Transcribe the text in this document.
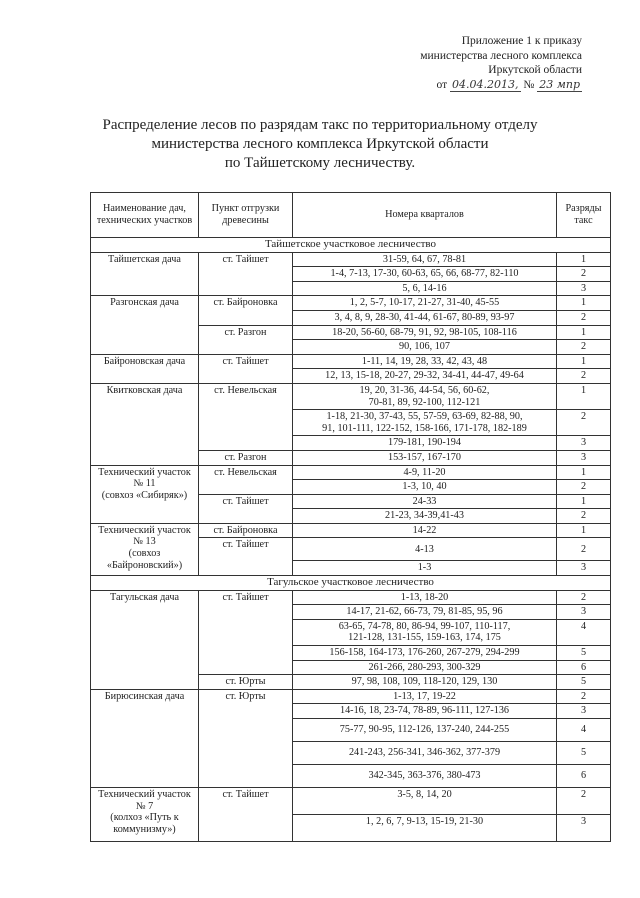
Приложение 1 к приказу
министерства лесного комплекса
Иркутской области
от 04.04.2013, № 23 мпр
Распределение лесов по разрядам такс по территориальному отделу
министерства лесного комплекса Иркутской области
по Тайшетскому лесничеству.
Наименование дач, технических участков	Пункт отгрузки древесины	Номера кварталов	Разряды такс
Тайшетское участковое лесничество			
Тайшетская дача	ст. Тайшет	31-59, 64, 67, 78-81	1
		1-4, 7-13, 17-30, 60-63, 65, 66, 68-77, 82-110	2
		5, 6, 14-16	3
Разгонская дача	ст. Байроновка	1, 2, 5-7, 10-17, 21-27, 31-40, 45-55	1
		3, 4, 8, 9, 28-30, 41-44, 61-67, 80-89, 93-97	2
	ст. Разгон	18-20, 56-60, 68-79, 91, 92, 98-105, 108-116	1
		90, 106, 107	2
Байроновская дача	ст. Тайшет	1-11, 14, 19, 28, 33, 42, 43, 48	1
		12, 13, 15-18, 20-27, 29-32, 34-41, 44-47, 49-64	2
Квитковская дача	ст. Невельская	19, 20, 31-36, 44-54, 56, 60-62,
70-81, 89, 92-100, 112-121	1

		1-18, 21-30, 37-43, 55, 57-59, 63-69, 82-88, 90,
91, 101-111, 122-152, 158-166, 171-178, 182-189	2
		179-181, 190-194	3
	ст. Разгон	153-157, 167-170	3

Технический участок
№ 11
(совхоз «Сибиряк»)	ст. Невельская	4-9, 11-20	1
		1-3, 10, 40	2
	ст. Тайшет	24-33	1
		21-23, 34-39,41-43	2

Технический участок
№ 13
(совхоз
«Байроновский»)	ст. Байроновка	14-22	1
	ст. Тайшет	4-13	2
		1-3	3
Тагульское участковое лесничество			
Тагульская дача	ст. Тайшет	1-13, 18-20	2
		14-17, 21-62, 66-73, 79, 81-85, 95, 96	3

		63-65, 74-78, 80, 86-94, 99-107, 110-117,
121-128, 131-155, 159-163, 174, 175	4
		156-158, 164-173, 176-260, 267-279, 294-299	5
		261-266, 280-293, 300-329	6
	ст. Юрты	97, 98, 108, 109, 118-120, 129, 130	5
Бирюсинская дача	ст. Юрты	1-13, 17, 19-22	2
		14-16, 18, 23-74, 78-89, 96-111, 127-136	3
		75-77, 90-95, 112-126, 137-240, 244-255	4
		241-243, 256-341, 346-362, 377-379	5
		342-345, 363-376, 380-473	6

Технический участок
№ 7
(колхоз «Путь к
коммунизму»)	ст. Тайшет	3-5, 8, 14, 20	2
		1, 2, 6, 7, 9-13, 15-19, 21-30	3
